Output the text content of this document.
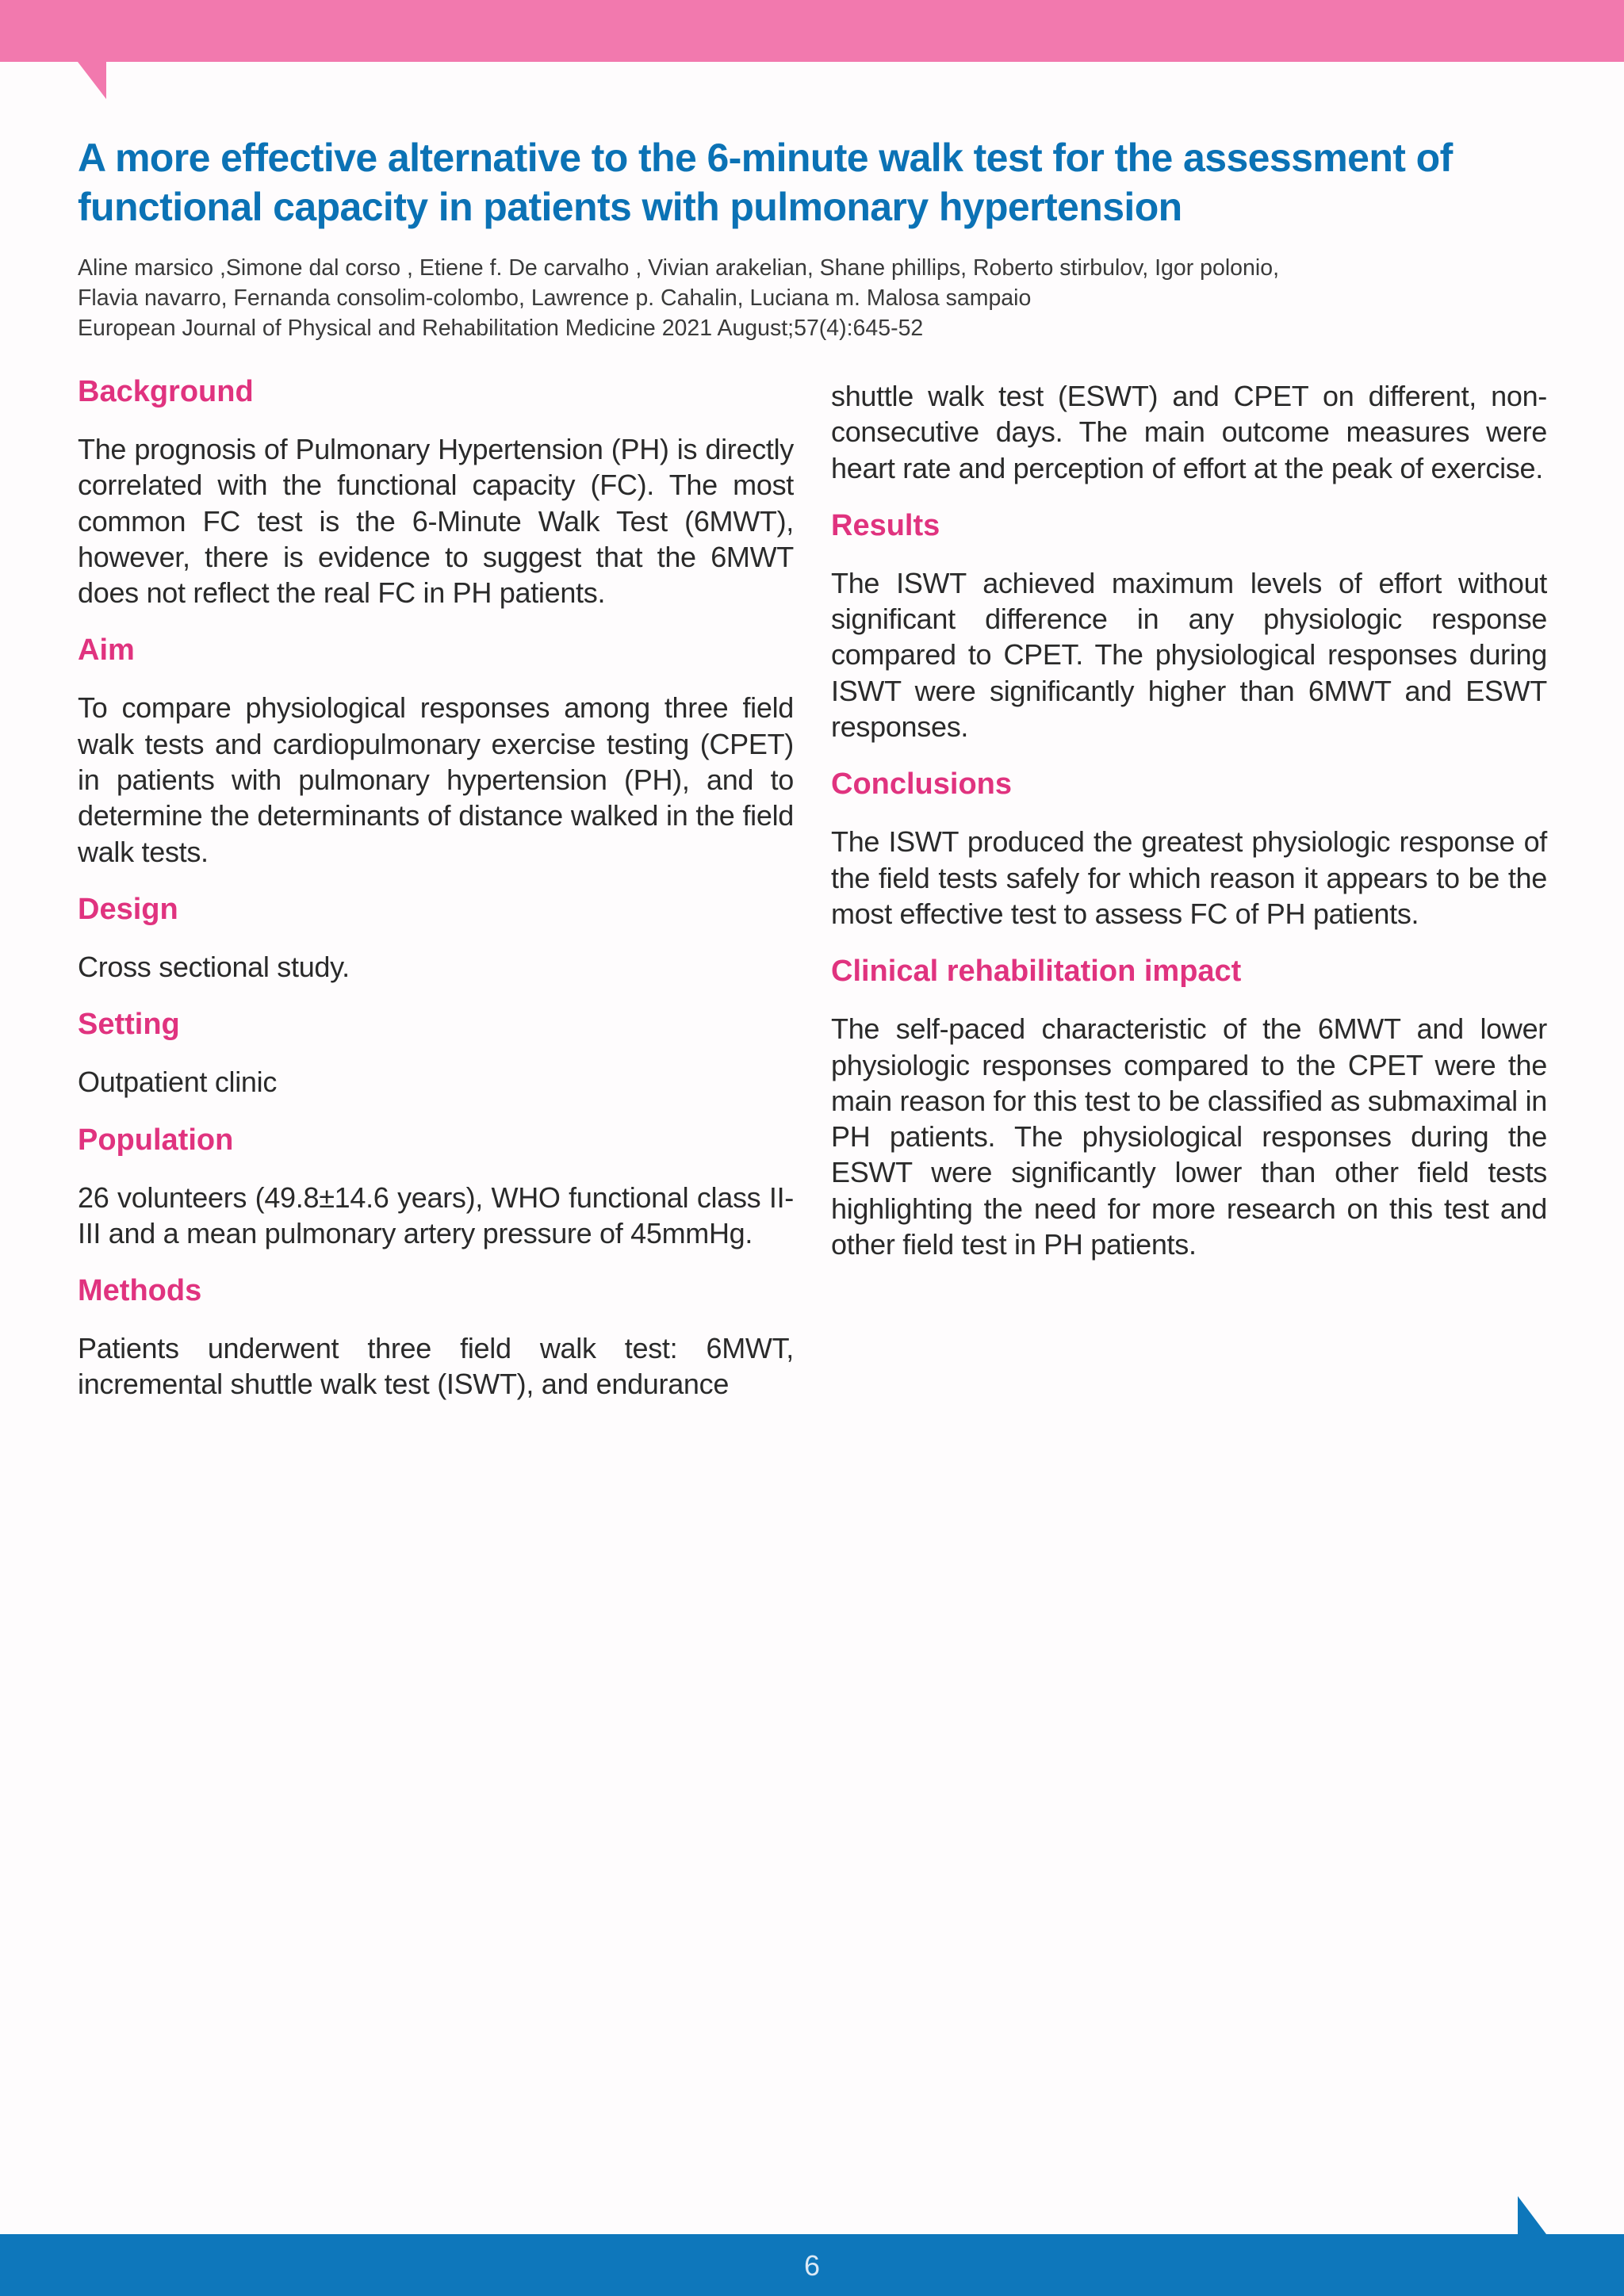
A more effective alternative to the 6-minute walk test for the assessment of functional capacity in patients with pulmonary hypertension
Aline marsico ,Simone dal corso , Etiene f. De carvalho , Vivian arakelian, Shane phillips, Roberto stirbulov, Igor polonio,
Flavia navarro, Fernanda consolim-colombo, Lawrence p. Cahalin, Luciana m. Malosa sampaio
European Journal of Physical and Rehabilitation Medicine 2021 August;57(4):645-52
Background

The prognosis of Pulmonary Hypertension (PH) is directly correlated with the functional capacity (FC). The most common FC test is the 6-Minute Walk Test (6MWT), however, there is evidence to suggest that the 6MWT does not reflect the real FC in PH patients.

Aim

To compare physiological responses among three field walk tests and cardiopulmonary exercise testing (CPET) in patients with pulmonary hypertension (PH), and to determine the determinants of distance walked in the field walk tests.

Design

Cross sectional study.

Setting

Outpatient clinic

Population

26 volunteers (49.8±14.6 years), WHO functional class II-III and a mean pulmonary artery pressure of 45mmHg.

Methods

Patients underwent three field walk test: 6MWT, incremental shuttle walk test (ISWT), and endurance

shuttle walk test (ESWT) and CPET on different, non-consecutive days. The main outcome measures were heart rate and perception of effort at the peak of exercise.

Results

The ISWT achieved maximum levels of effort without significant difference in any physiologic response compared to CPET. The physiological responses during ISWT were significantly higher than 6MWT and ESWT responses.

Conclusions

The ISWT produced the greatest physiologic response of the field tests safely for which reason it appears to be the most effective test to assess FC of PH patients.

Clinical rehabilitation impact

The self-paced characteristic of the 6MWT and lower physiologic responses compared to the CPET were the main reason for this test to be classified as submaximal in PH patients. The physiological responses during the ESWT were significantly lower than other field tests highlighting the need for more research on this test and other field test in PH patients.

6
